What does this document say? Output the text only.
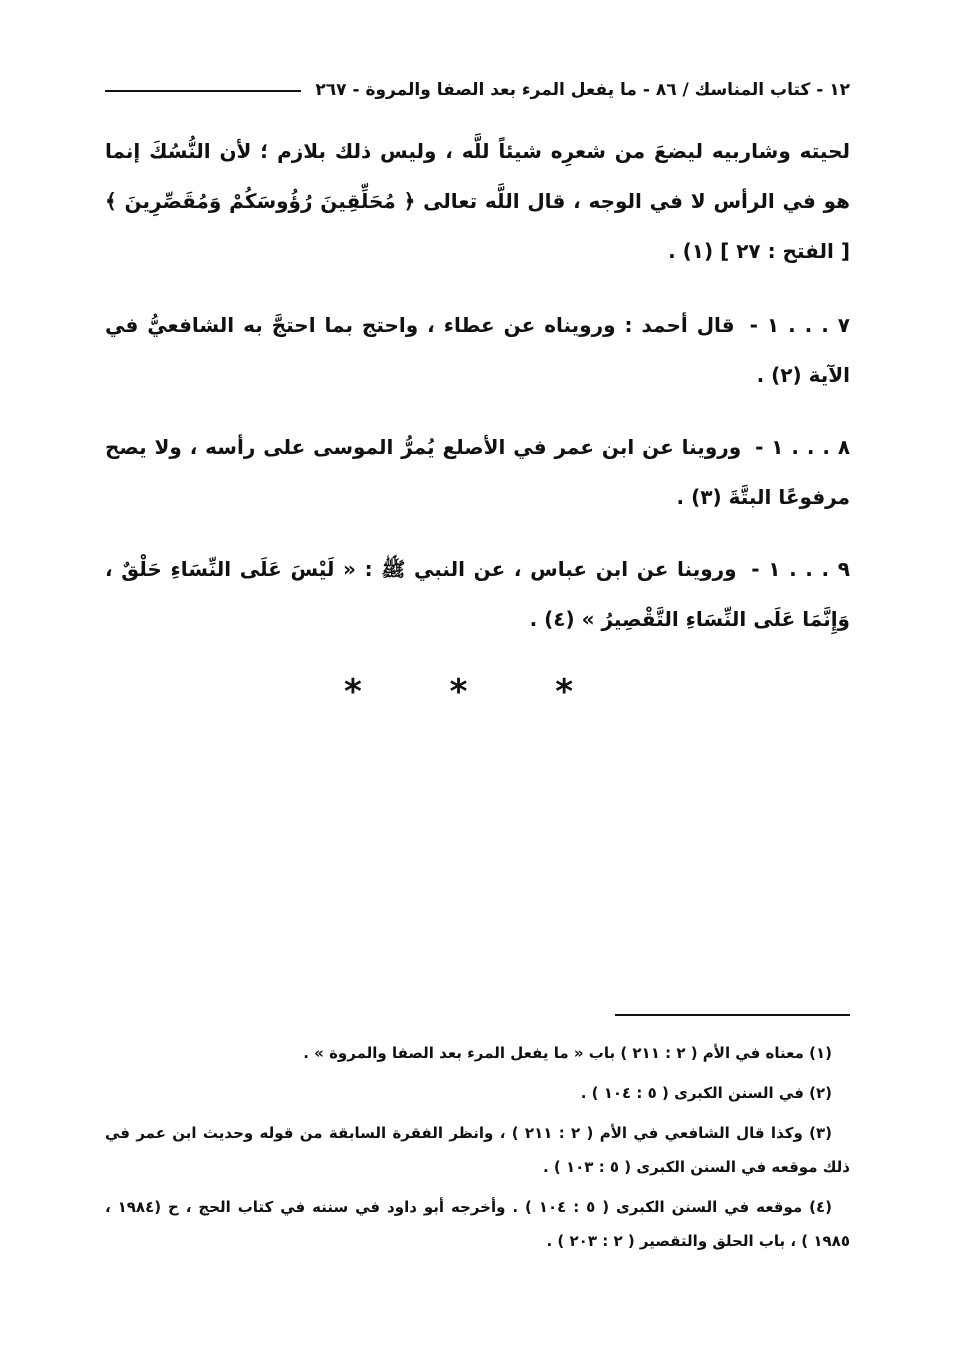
١٢ - كتاب المناسك / ٨٦ - ما يفعل المرء بعد الصفا والمروة - ٢٦٧

لحيته وشاربيه ليضعَ من شعرِه شيئاً للَّه ، وليس ذلك بلازم ؛ لأن النُّسُكَ إنما هو في الرأس لا في الوجه ، قال اللَّه تعالى ﴿ مُحَلِّقِينَ رُؤُوسَكُمْ وَمُقَصِّرِينَ ﴾ [ الفتح : ٢٧ ] (١) .

٧ . . . ١ - قال أحمد : ورويناه عن عطاء ، واحتج بما احتجَّ به الشافعيُّ في الآية (٢) .

٨ . . . ١ - وروينا عن ابن عمر في الأصلع يُمرُّ الموسى على رأسه ، ولا يصح مرفوعًا البتَّةَ (٣) .

٩ . . . ١ - وروينا عن ابن عباس ، عن النبي ﷺ : « لَيْسَ عَلَى النِّسَاءِ حَلْقٌ ، وَإِنَّمَا عَلَى النِّسَاءِ التَّقْصِيرُ » (٤) .

* * *

(١) معناه في الأم ( ٢ : ٢١١ ) باب « ما يفعل المرء بعد الصفا والمروة » .

(٢) في السنن الكبرى ( ٥ : ١٠٤ ) .

(٣) وكذا قال الشافعي في الأم ( ٢ : ٢١١ ) ، وانظر الفقرة السابقة من قوله وحديث ابن عمر في ذلك موقعه في السنن الكبرى ( ٥ : ١٠٣ ) .

(٤) موقعه في السنن الكبرى ( ٥ : ١٠٤ ) . وأخرجه أبو داود في سننه في كتاب الحج ، ح (١٩٨٤ ، ١٩٨٥ ) ، باب الحلق والتقصير ( ٢ : ٢٠٣ ) .
